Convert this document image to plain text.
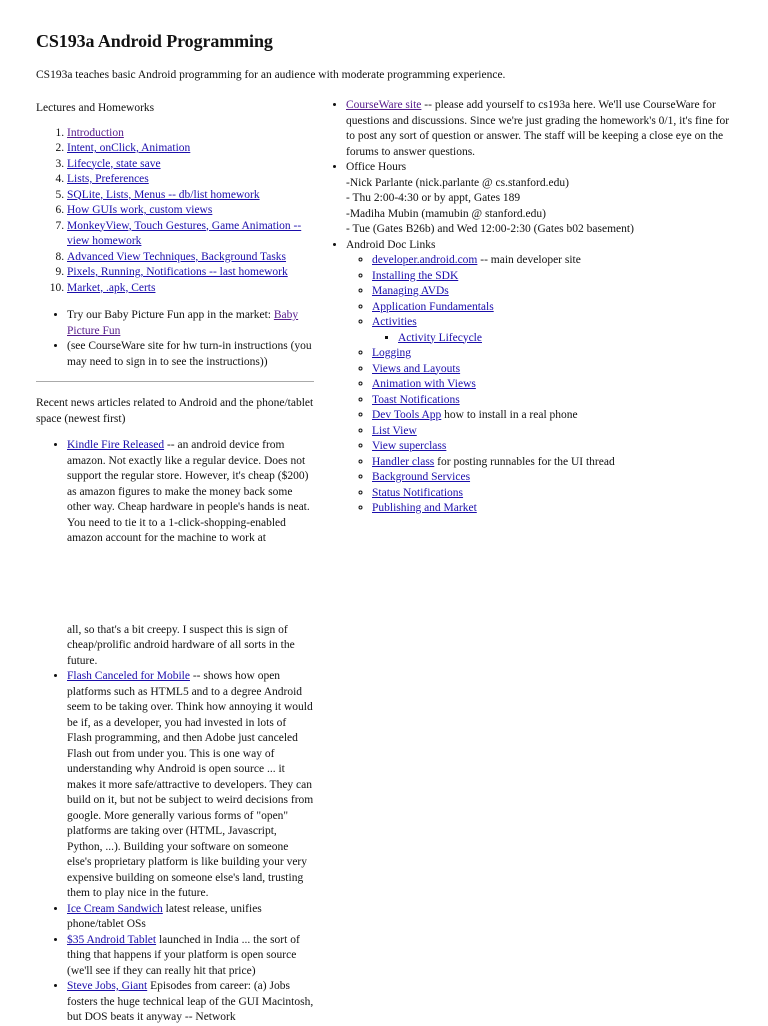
CS193a Android Programming

CS193a teaches basic Android programming for an audience with moderate programming experience.

Lectures and Homeworks

1. Introduction
2. Intent, onClick, Animation
3. Lifecycle, state save
4. Lists, Preferences
5. SQLite, Lists, Menus -- db/list homework
6. How GUIs work, custom views
7. MonkeyView, Touch Gestures, Game Animation -- view homework
8. Advanced View Techniques, Background Tasks
9. Pixels, Running, Notifications -- last homework
10. Market, .apk, Certs
• Try our Baby Picture Fun app in the market: Baby Picture Fun
• (see CourseWare site for hw turn-in instructions (you may need to sign in to see the instructions))

Recent news articles related to Android and the phone/tablet space (newest first)

• Kindle Fire Released -- an android device from amazon. Not exactly like a regular device. Does not support the regular store. However, it's cheap ($200) as amazon figures to make the money back some other way. Cheap hardware in people's hands is neat. You need to tie it to a 1-click-shopping-enabled amazon account for the machine to work at
all, so that's a bit creepy. I suspect this is sign of cheap/prolific android hardware of all sorts in the future.
• Flash Canceled for Mobile -- shows how open platforms such as HTML5 and to a degree Android seem to be taking over. Think how annoying it would be if, as a developer, you had invested in lots of Flash programming, and then Adobe just canceled Flash out from under you. This is one way of understanding why Android is open source ... it makes it more safe/attractive to developers. They can build on it, but not be subject to weird decisions from google. More generally various forms of "open" platforms are taking over (HTML, Javascript, Python, ...). Building your software on someone else's proprietary platform is like building your very expensive building on someone else's land, trusting them to play nice in the future.
• Ice Cream Sandwich latest release, unifies phone/tablet OSs
• $35 Android Tablet launched in India ... the sort of thing that happens if your platform is open source (we'll see if they can really hit that price)
• Steve Jobs, Giant Episodes from career: (a) Jobs fosters the huge technical leap of the GUI Macintosh, but DOS beats it anyway -- Network
• CourseWare site -- please add yourself to cs193a here. We'll use CourseWare for questions and discussions. Since we're just grading the homework's 0/1, it's fine for to post any sort of question or answer. The staff will be keeping a close eye on the forums to answer questions.
• Office Hours
-Nick Parlante (nick.parlante @ cs.stanford.edu)
- Thu 2:00-4:30 or by appt, Gates 189
-Madiha Mubin (mamubin @ stanford.edu)
- Tue (Gates B26b) and Wed 12:00-2:30 (Gates b02 basement)
• Android Doc Links
◦ developer.android.com -- main developer site
◦ Installing the SDK
◦ Managing AVDs
◦ Application Fundamentals
◦ Activities
▪ Activity Lifecycle
◦ Logging
◦ Views and Layouts
◦ Animation with Views
◦ Toast Notifications
◦ Dev Tools App how to install in a real phone
◦ List View
◦ View superclass
◦ Handler class for posting runnables for the UI thread
◦ Background Services
◦ Status Notifications
◦ Publishing and Market
